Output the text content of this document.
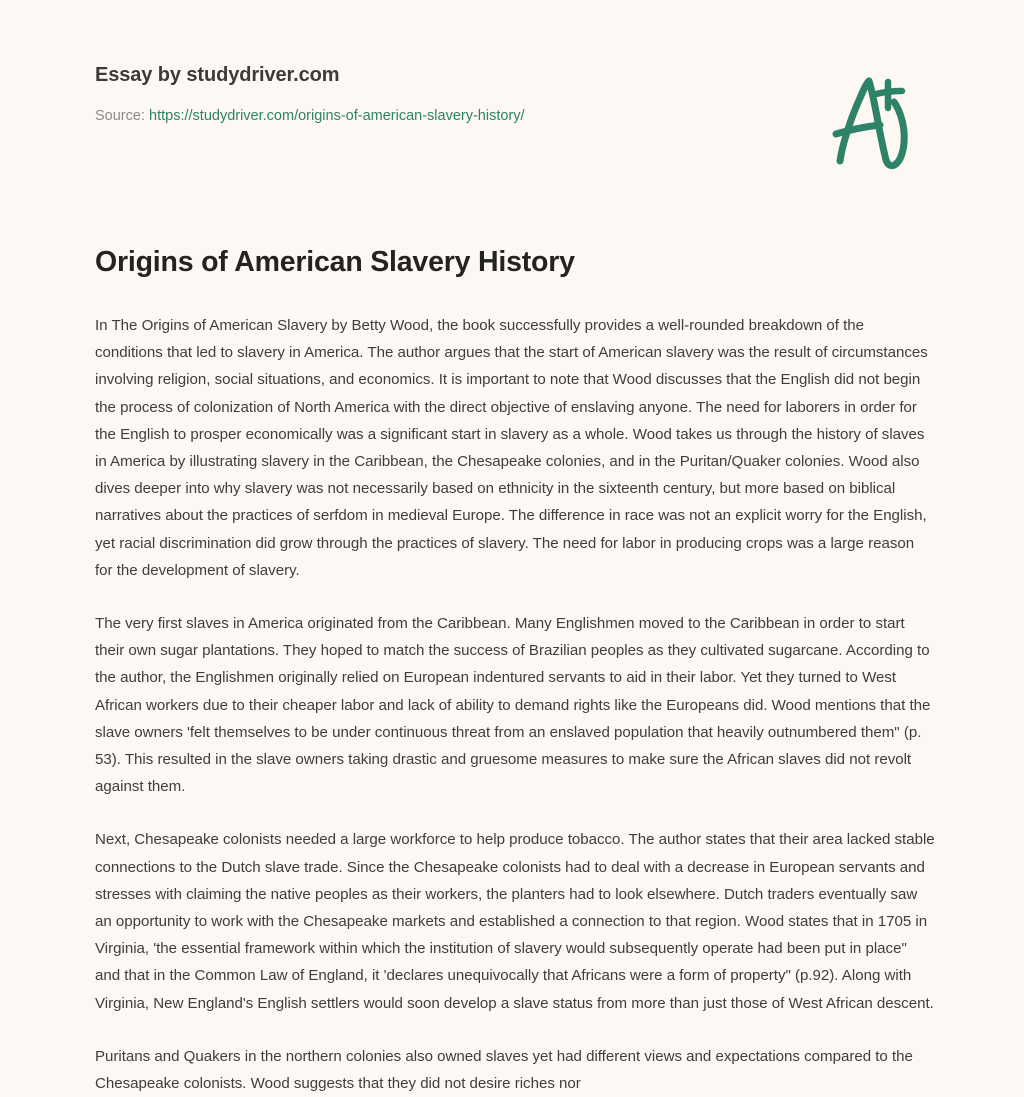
Essay by studydriver.com
Source: https://studydriver.com/origins-of-american-slavery-history/
Origins of American Slavery History

In The Origins of American Slavery by Betty Wood, the book successfully provides a well-rounded breakdown of the conditions that led to slavery in America. The author argues that the start of American slavery was the result of circumstances involving religion, social situations, and economics. It is important to note that Wood discusses that the English did not begin the process of colonization of North America with the direct objective of enslaving anyone. The need for laborers in order for the English to prosper economically was a significant start in slavery as a whole. Wood takes us through the history of slaves in America by illustrating slavery in the Caribbean, the Chesapeake colonies, and in the Puritan/Quaker colonies. Wood also dives deeper into why slavery was not necessarily based on ethnicity in the sixteenth century, but more based on biblical narratives about the practices of serfdom in medieval Europe. The difference in race was not an explicit worry for the English, yet racial discrimination did grow through the practices of slavery. The need for labor in producing crops was a large reason for the development of slavery.

The very first slaves in America originated from the Caribbean. Many Englishmen moved to the Caribbean in order to start their own sugar plantations. They hoped to match the success of Brazilian peoples as they cultivated sugarcane. According to the author, the Englishmen originally relied on European indentured servants to aid in their labor. Yet they turned to West African workers due to their cheaper labor and lack of ability to demand rights like the Europeans did. Wood mentions that the slave owners 'felt themselves to be under continuous threat from an enslaved population that heavily outnumbered them" (p. 53). This resulted in the slave owners taking drastic and gruesome measures to make sure the African slaves did not revolt against them.

Next, Chesapeake colonists needed a large workforce to help produce tobacco. The author states that their area lacked stable connections to the Dutch slave trade. Since the Chesapeake colonists had to deal with a decrease in European servants and stresses with claiming the native peoples as their workers, the planters had to look elsewhere. Dutch traders eventually saw an opportunity to work with the Chesapeake markets and established a connection to that region. Wood states that in 1705 in Virginia, 'the essential framework within which the institution of slavery would subsequently operate had been put in place" and that in the Common Law of England, it 'declares unequivocally that Africans were a form of property" (p.92). Along with Virginia, New England's English settlers would soon develop a slave status from more than just those of West African descent.

Puritans and Quakers in the northern colonies also owned slaves yet had different views and expectations compared to the Chesapeake colonists. Wood suggests that they did not desire riches nor
